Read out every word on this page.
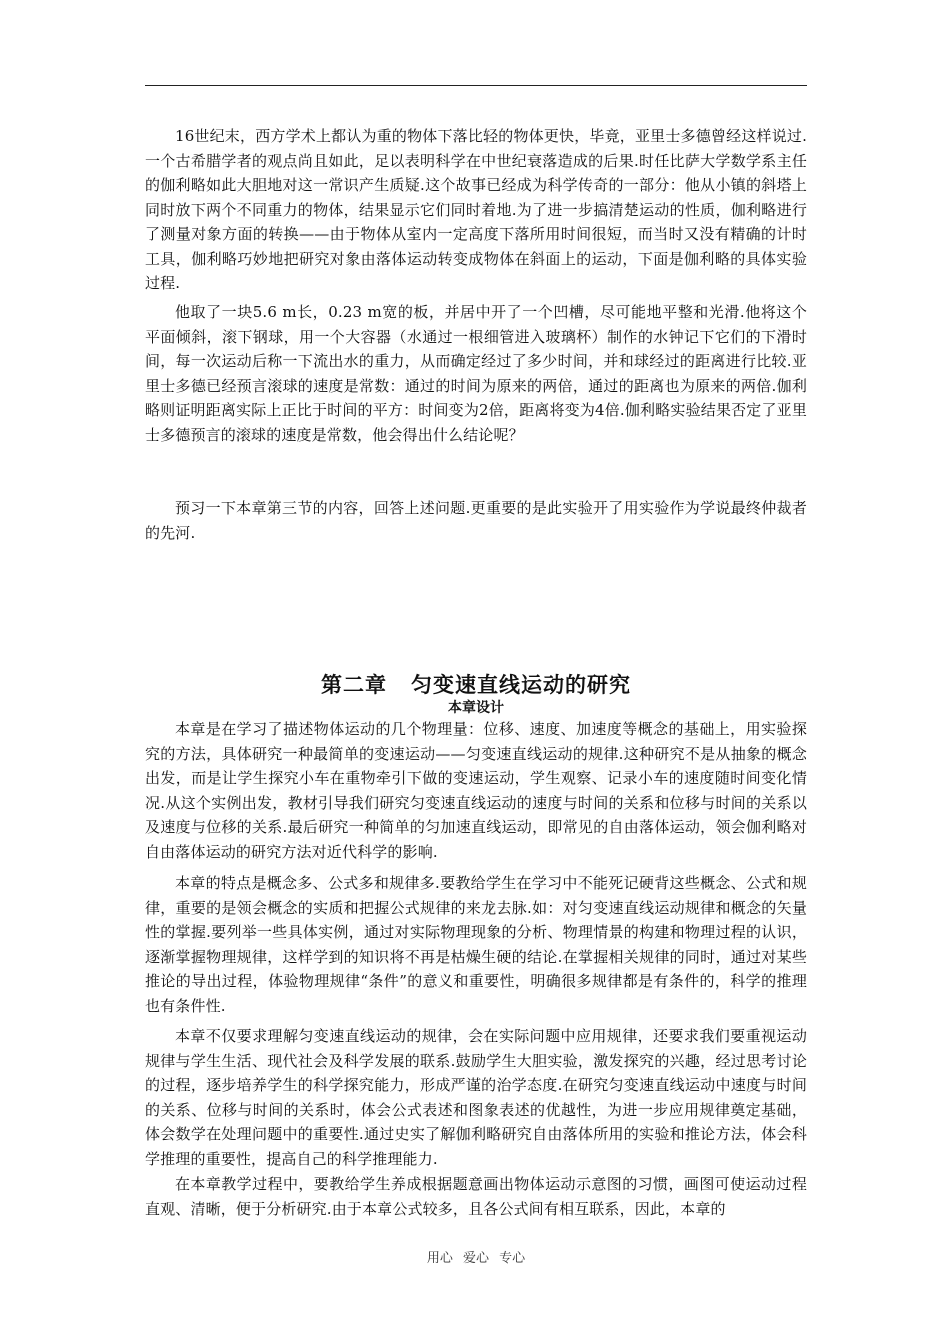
16世纪末，西方学术上都认为重的物体下落比轻的物体更快，毕竟，亚里士多德曾经这样说过.一个古希腊学者的观点尚且如此，足以表明科学在中世纪衰落造成的后果.时任比萨大学数学系主任的伽利略如此大胆地对这一常识产生质疑.这个故事已经成为科学传奇的一部分：他从小镇的斜塔上同时放下两个不同重力的物体，结果显示它们同时着地.为了进一步搞清楚运动的性质，伽利略进行了测量对象方面的转换——由于物体从室内一定高度下落所用时间很短，而当时又没有精确的计时工具，伽利略巧妙地把研究对象由落体运动转变成物体在斜面上的运动，下面是伽利略的具体实验过程.

他取了一块5.6 m长，0.23 m宽的板，并居中开了一个凹槽，尽可能地平整和光滑.他将这个平面倾斜，滚下钢球，用一个大容器（水通过一根细管进入玻璃杯）制作的水钟记下它们的下滑时间，每一次运动后称一下流出水的重力，从而确定经过了多少时间，并和球经过的距离进行比较.亚里士多德已经预言滚球的速度是常数：通过的时间为原来的两倍，通过的距离也为原来的两倍.伽利略则证明距离实际上正比于时间的平方：时间变为2倍，距离将变为4倍.伽利略实验结果否定了亚里士多德预言的滚球的速度是常数，他会得出什么结论呢？

预习一下本章第三节的内容，回答上述问题.更重要的是此实验开了用实验作为学说最终仲裁者的先河.

第二章 匀变速直线运动的研究
本章设计

本章是在学习了描述物体运动的几个物理量：位移、速度、加速度等概念的基础上，用实验探究的方法，具体研究一种最简单的变速运动——匀变速直线运动的规律.这种研究不是从抽象的概念出发，而是让学生探究小车在重物牵引下做的变速运动，学生观察、记录小车的速度随时间变化情况.从这个实例出发，教材引导我们研究匀变速直线运动的速度与时间的关系和位移与时间的关系以及速度与位移的关系.最后研究一种简单的匀加速直线运动，即常见的自由落体运动，领会伽利略对自由落体运动的研究方法对近代科学的影响.

本章的特点是概念多、公式多和规律多.要教给学生在学习中不能死记硬背这些概念、公式和规律，重要的是领会概念的实质和把握公式规律的来龙去脉.如：对匀变速直线运动规律和概念的矢量性的掌握.要列举一些具体实例，通过对实际物理现象的分析、物理情景的构建和物理过程的认识，逐渐掌握物理规律，这样学到的知识将不再是枯燥生硬的结论.在掌握相关规律的同时，通过对某些推论的导出过程，体验物理规律“条件”的意义和重要性，明确很多规律都是有条件的，科学的推理也有条件性.

本章不仅要求理解匀变速直线运动的规律，会在实际问题中应用规律，还要求我们要重视运动规律与学生生活、现代社会及科学发展的联系.鼓励学生大胆实验，激发探究的兴趣，经过思考讨论的过程，逐步培养学生的科学探究能力，形成严谨的治学态度.在研究匀变速直线运动中速度与时间的关系、位移与时间的关系时，体会公式表述和图象表述的优越性，为进一步应用规律奠定基础，体会数学在处理问题中的重要性.通过史实了解伽利略研究自由落体所用的实验和推论方法，体会科学推理的重要性，提高自己的科学推理能力.

在本章教学过程中，要教给学生养成根据题意画出物体运动示意图的习惯，画图可使运动过程直观、清晰，便于分析研究.由于本章公式较多，且各公式间有相互联系，因此，本章的

用心 爱心 专心
